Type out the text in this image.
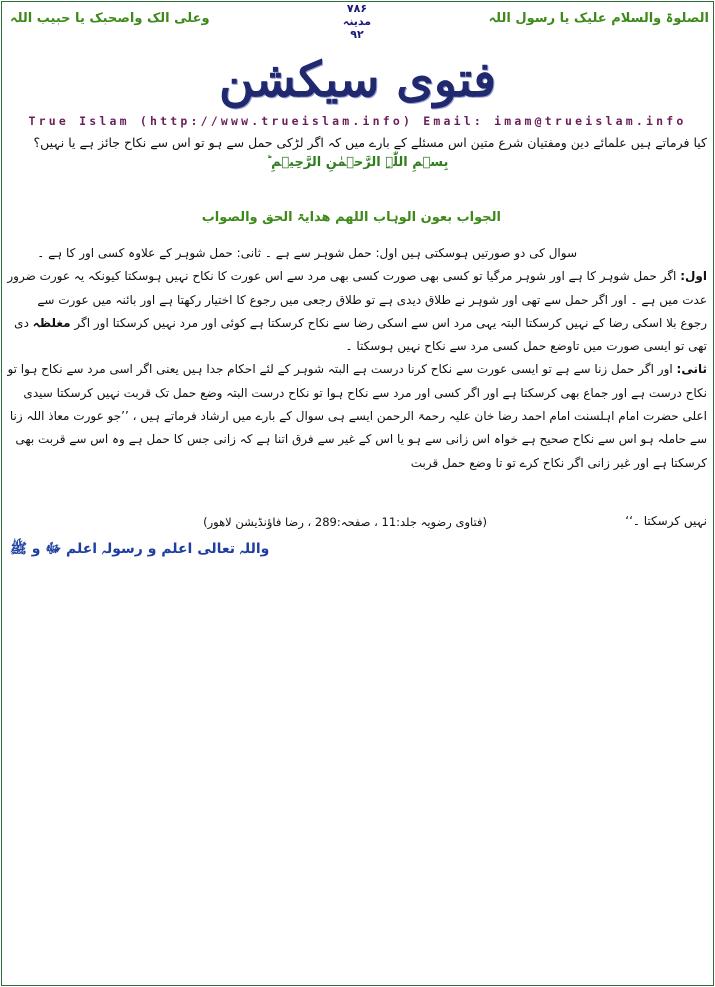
الصلوۃ والسلام علیک یا رسول اللہ
۷۸۶
مدینہ
۹۲
وعلی الک واصحبک یا حبیب اللہ
فتوی سیکشن
True Islam (http://www.trueislam.info) Email: imam@trueislam.info
کیا فرماتے ہیں علمائے دین ومفتیان شرع متین اس مسئلے کے بارے میں کہ اگر لڑکی حمل سے ہو تو اس سے نکاح جائز ہے یا نہیں؟
بِسۡمِ اللّٰہِ الرَّحۡمٰنِ الرَّحِیۡمِ ؕ
الجواب بعون الوہاب اللھم ھدایۃ الحق والصواب

سوال کی دو صورتیں ہوسکتی ہیں اول: حمل شوہر سے ہے ۔ ثانی: حمل شوہر کے علاوہ کسی اور کا ہے ۔

اول: اگر حمل شوہر کا ہے اور شوہر مرگیا تو کسی بھی صورت کسی بھی مرد سے اس عورت کا نکاح نہیں ہوسکتا کیونکہ یہ عورت ضرور عدت میں ہے ۔ اور اگر حمل سے تھی اور شوہر نے طلاق دیدی ہے تو طلاق رجعی میں رجوع کا اختیار رکھتا ہے اور بائنہ میں عورت سے رجوع بلا اسکی رضا کے نہیں کرسکتا البتہ یہی مرد اس سے اسکی رضا سے نکاح کرسکتا ہے کوئی اور مرد نہیں کرسکتا اور اگر مغلظہ دی تھی تو ایسی صورت میں تاوضع حمل کسی مرد سے نکاح نہیں ہوسکتا ۔

ثانی: اور اگر حمل زنا سے ہے تو ایسی عورت سے نکاح کرنا درست ہے البتہ شوہر کے لئے احکام جدا ہیں یعنی اگر اسی مرد سے نکاح ہوا تو نکاح درست ہے اور جماع بھی کرسکتا ہے اور اگر کسی اور مرد سے نکاح ہوا تو نکاح درست البتہ وضع حمل تک قربت نہیں کرسکتا سیدی اعلی حضرت امام اہلسنت امام احمد رضا خان علیہ رحمۃ الرحمن ایسے ہی سوال کے بارے میں ارشاد فرماتے ہیں ، ’’جو عورت معاذ اللہ زنا سے حاملہ ہو اس سے نکاح صحیح ہے خواہ اس زانی سے ہو یا اس کے غیر سے فرق اتنا ہے کہ زانی جس کا حمل ہے وہ اس سے قربت بھی کرسکتا ہے اور غیر زانی اگر نکاح کرے تو تا وضع حمل قربت

نہیں کرسکتا ۔‘‘
(فتاوی رضویہ جلد:11 ، صفحہ:289 ، رضا فاؤنڈیشن لاھور)
واللہ تعالی اعلم و رسولہ اعلم ﷻ و ﷺ
